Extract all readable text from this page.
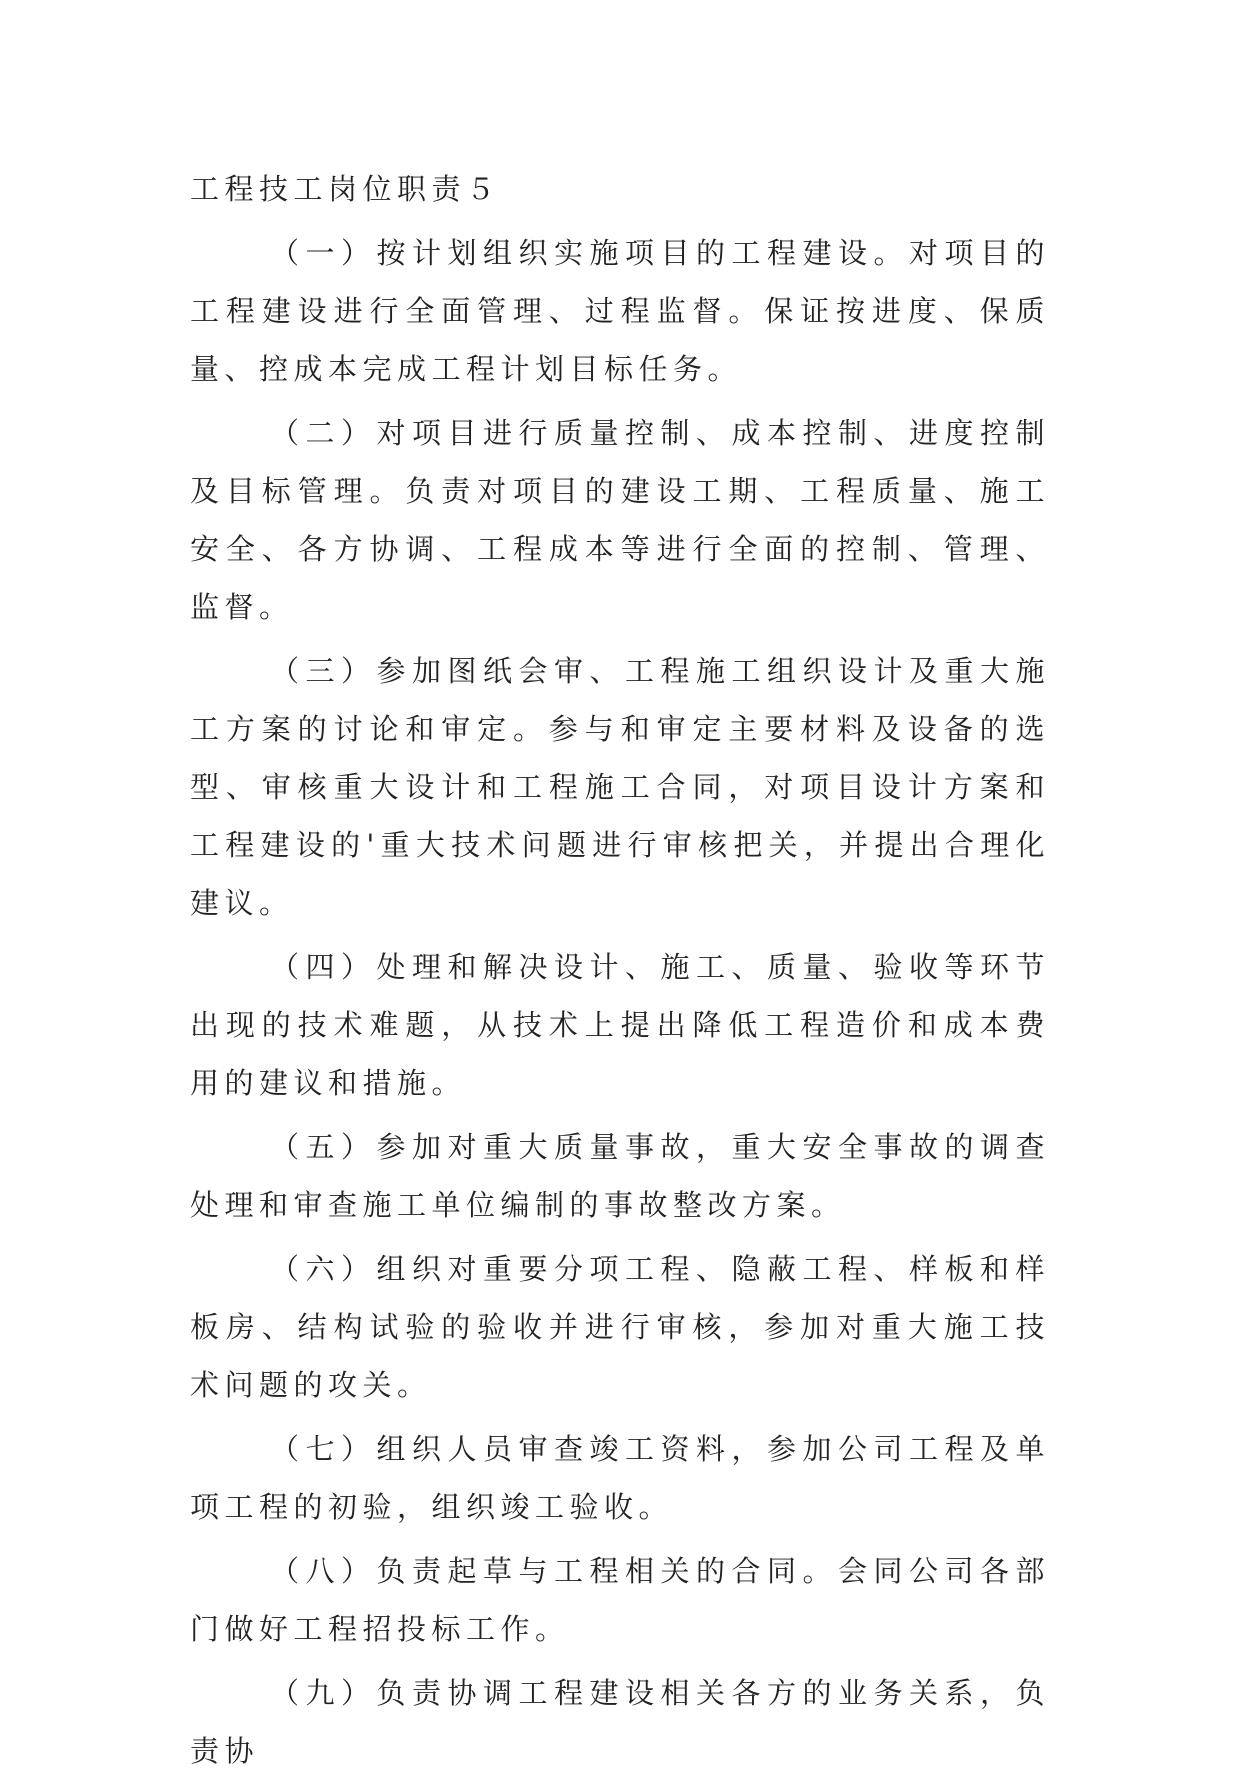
工程技工岗位职责５

（一）按计划组织实施项目的工程建设。对项目的工程建设进行全面管理、过程监督。保证按进度、保质量、控成本完成工程计划目标任务。

（二）对项目进行质量控制、成本控制、进度控制及目标管理。负责对项目的建设工期、工程质量、施工安全、各方协调、工程成本等进行全面的控制、管理、监督。

（三）参加图纸会审、工程施工组织设计及重大施工方案的讨论和审定。参与和审定主要材料及设备的选型、审核重大设计和工程施工合同，对项目设计方案和工程建设的'重大技术问题进行审核把关，并提出合理化建议。

（四）处理和解决设计、施工、质量、验收等环节出现的技术难题，从技术上提出降低工程造价和成本费用的建议和措施。

（五）参加对重大质量事故，重大安全事故的调查处理和审查施工单位编制的事故整改方案。

（六）组织对重要分项工程、隐蔽工程、样板和样板房、结构试验的验收并进行审核，参加对重大施工技术问题的攻关。

（七）组织人员审查竣工资料，参加公司工程及单项工程的初验，组织竣工验收。

（八）负责起草与工程相关的合同。会同公司各部门做好工程招投标工作。

（九）负责协调工程建设相关各方的业务关系，负责协
